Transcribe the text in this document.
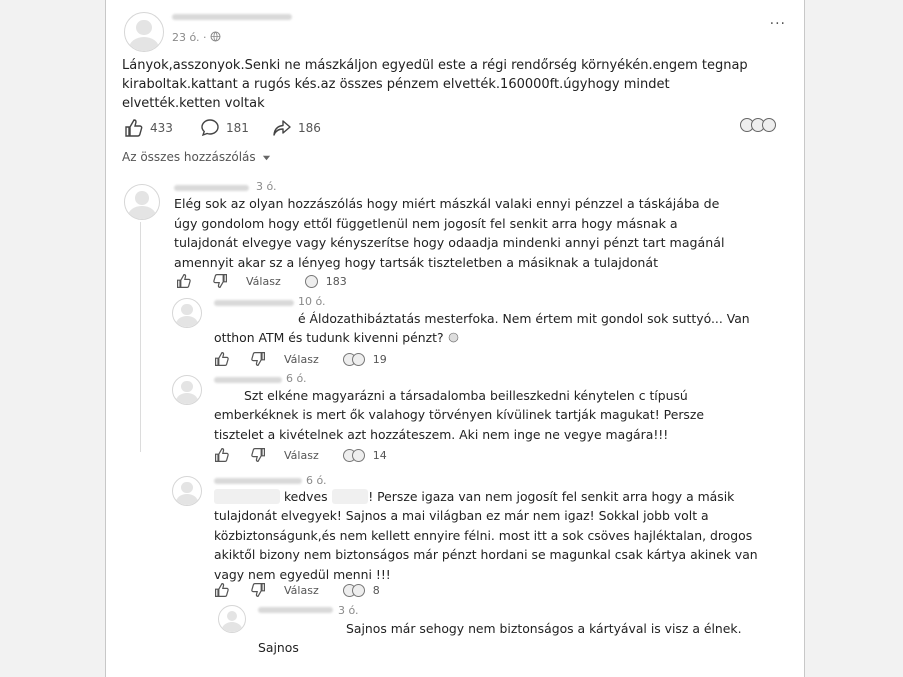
23 ó. ·
···
Lányok,asszonyok.Senki ne mászkáljon egyedül este a régi rendőrség környékén.engem tegnap kiraboltak.kattant a rugós kés.az összes pénzem elvették.160000ft.úgyhogy mindet elvették.ketten voltak
433	181	186
Az összes hozzászólás
3 ó.
Elég sok az olyan hozzászólás hogy miért mászkál valaki ennyi pénzzel a táskájába de úgy gondolom hogy ettől függetlenül nem jogosít fel senkit arra hogy másnak a tulajdonát elvegye vagy kényszerítse hogy odaadja mindenki annyi pénzt tart magánál amennyit akar sz a lényeg hogy tartsák tiszteletben a másiknak a tulajdonát
Válasz	183
10 ó.
é Áldozathibáztatás mesterfoka. Nem értem mit gondol sok suttyó... Van otthon ATM és tudunk kivenni pénzt?
Válasz	19
6 ó.
Szt elkéne magyarázni a társadalomba beilleszkedni kénytelen c típusú emberkéknek is mert ők valahogy törvényen kívülinek tartják magukat! Persze tisztelet a kivételnek azt hozzáteszem. Aki nem inge ne vegye magára!!!
Válasz	14
6 ó.
kedves	! Persze igaza van nem jogosít fel senkit arra hogy a másik tulajdonát elvegyek! Sajnos a mai világban ez már nem igaz! Sokkal jobb volt a közbiztonságunk,és nem kellett ennyire félni. most itt a sok csöves hajléktalan, drogos akiktől bizony nem biztonságos már pénzt hordani se magunkal csak kártya akinek van vagy nem egyedül menni !!!
Válasz	8
3 ó.
Sajnos már sehogy nem biztonságos a kártyával is visz a élnek. Sajnos
